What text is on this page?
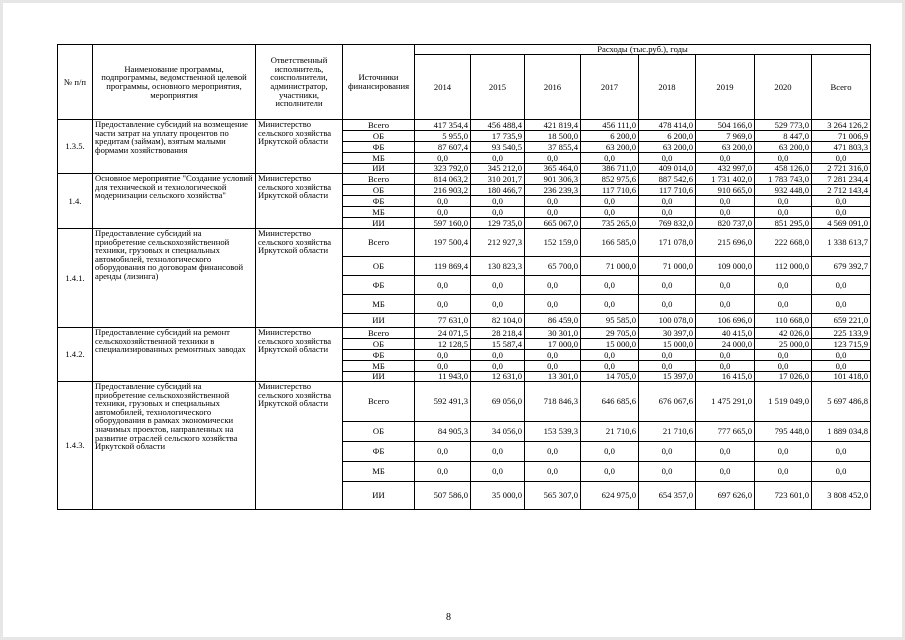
№ п/п	Наименование программы, подпрограммы, ведомственной целевой программы, основного мероприятия, мероприятия	Ответственный исполнитель, соисполнители, администратор, участники, исполнители	Источники финансирования	Расходы (тыс.руб.), годы							
				2014	2015	2016	2017	2018	2019	2020	Всего
1.3.5.	Предоставление субсидий на возмещение части затрат на уплату процентов по кредитам (займам), взятым малыми формами хозяйствования	Министерство сельского хозяйства Иркутской области	Всего	417 354,4	456 488,4	421 819,4	456 111,0	478 414,0	504 166,0	529 773,0	3 264 126,2
			ОБ	5 955,0	17 735,9	18 500,0	6 200,0	6 200,0	7 969,0	8 447,0	71 006,9
			ФБ	87 607,4	93 540,5	37 855,4	63 200,0	63 200,0	63 200,0	63 200,0	471 803,3
			МБ	0,0	0,0	0,0	0,0	0,0	0,0	0,0	0,0
			ИИ	323 792,0	345 212,0	365 464,0	386 711,0	409 014,0	432 997,0	458 126,0	2 721 316,0
1.4.	Основное мероприятие "Создание условий для технической и технологической модернизации сельского хозяйства"	Министерство сельского хозяйства Иркутской области	Всего	814 063,2	310 201,7	901 306,3	852 975,6	887 542,6	1 731 402,0	1 783 743,0	7 281 234,4
			ОБ	216 903,2	180 466,7	236 239,3	117 710,6	117 710,6	910 665,0	932 448,0	2 712 143,4
			ФБ	0,0	0,0	0,0	0,0	0,0	0,0	0,0	0,0
			МБ	0,0	0,0	0,0	0,0	0,0	0,0	0,0	0,0
			ИИ	597 160,0	129 735,0	665 067,0	735 265,0	769 832,0	820 737,0	851 295,0	4 569 091,0
1.4.1.	Предоставление субсидий на приобретение сельскохозяйственной техники, грузовых и специальных автомобилей, технологического оборудования по договорам финансовой аренды (лизинга)	Министерство сельского хозяйства Иркутской области	Всего	197 500,4	212 927,3	152 159,0	166 585,0	171 078,0	215 696,0	222 668,0	1 338 613,7
			ОБ	119 869,4	130 823,3	65 700,0	71 000,0	71 000,0	109 000,0	112 000,0	679 392,7
			ФБ	0,0	0,0	0,0	0,0	0,0	0,0	0,0	0,0
			МБ	0,0	0,0	0,0	0,0	0,0	0,0	0,0	0,0
			ИИ	77 631,0	82 104,0	86 459,0	95 585,0	100 078,0	106 696,0	110 668,0	659 221,0
1.4.2.	Предоставление субсидий на ремонт сельскохозяйственной техники в специализированных ремонтных заводах	Министерство сельского хозяйства Иркутской области	Всего	24 071,5	28 218,4	30 301,0	29 705,0	30 397,0	40 415,0	42 026,0	225 133,9
			ОБ	12 128,5	15 587,4	17 000,0	15 000,0	15 000,0	24 000,0	25 000,0	123 715,9
			ФБ	0,0	0,0	0,0	0,0	0,0	0,0	0,0	0,0
			МБ	0,0	0,0	0,0	0,0	0,0	0,0	0,0	0,0
			ИИ	11 943,0	12 631,0	13 301,0	14 705,0	15 397,0	16 415,0	17 026,0	101 418,0
1.4.3.	Предоставление субсидий на приобретение сельскохозяйственной техники, грузовых и специальных автомобилей, технологического оборудования в рамках экономически значимых проектов, направленных на развитие отраслей сельского хозяйства Иркутской области	Министерство сельского хозяйства Иркутской области	Всего	592 491,3	69 056,0	718 846,3	646 685,6	676 067,6	1 475 291,0	1 519 049,0	5 697 486,8
			ОБ	84 905,3	34 056,0	153 539,3	21 710,6	21 710,6	777 665,0	795 448,0	1 889 034,8
			ФБ	0,0	0,0	0,0	0,0	0,0	0,0	0,0	0,0
			МБ	0,0	0,0	0,0	0,0	0,0	0,0	0,0	0,0
			ИИ	507 586,0	35 000,0	565 307,0	624 975,0	654 357,0	697 626,0	723 601,0	3 808 452,0
8
